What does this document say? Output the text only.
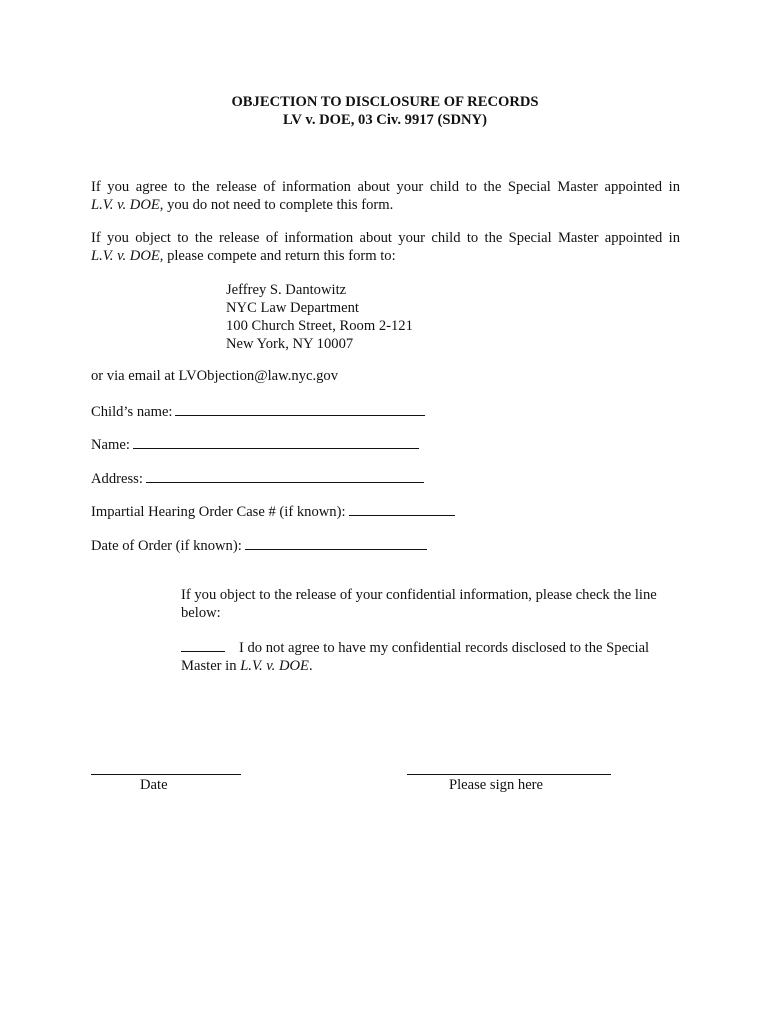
OBJECTION TO DISCLOSURE OF RECORDS
LV v. DOE, 03 Civ. 9917 (SDNY)
If you agree to the release of information about your child to the Special Master appointed in
L.V. v. DOE, you do not need to complete this form.
If you object to the release of information about your child to the Special Master appointed in
L.V. v. DOE, please compete and return this form to:
Jeffrey S. Dantowitz
NYC Law Department
100 Church Street, Room 2-121
New York, NY 10007
or via email at LVObjection@law.nyc.gov
Child’s name:
Name:
Address:
Impartial Hearing Order Case # (if known):
Date of Order (if known):
If you object to the release of your confidential information, please check the line
below:
I do not agree to have my confidential records disclosed to the Special
Master in L.V. v. DOE.
Date	Please sign here
